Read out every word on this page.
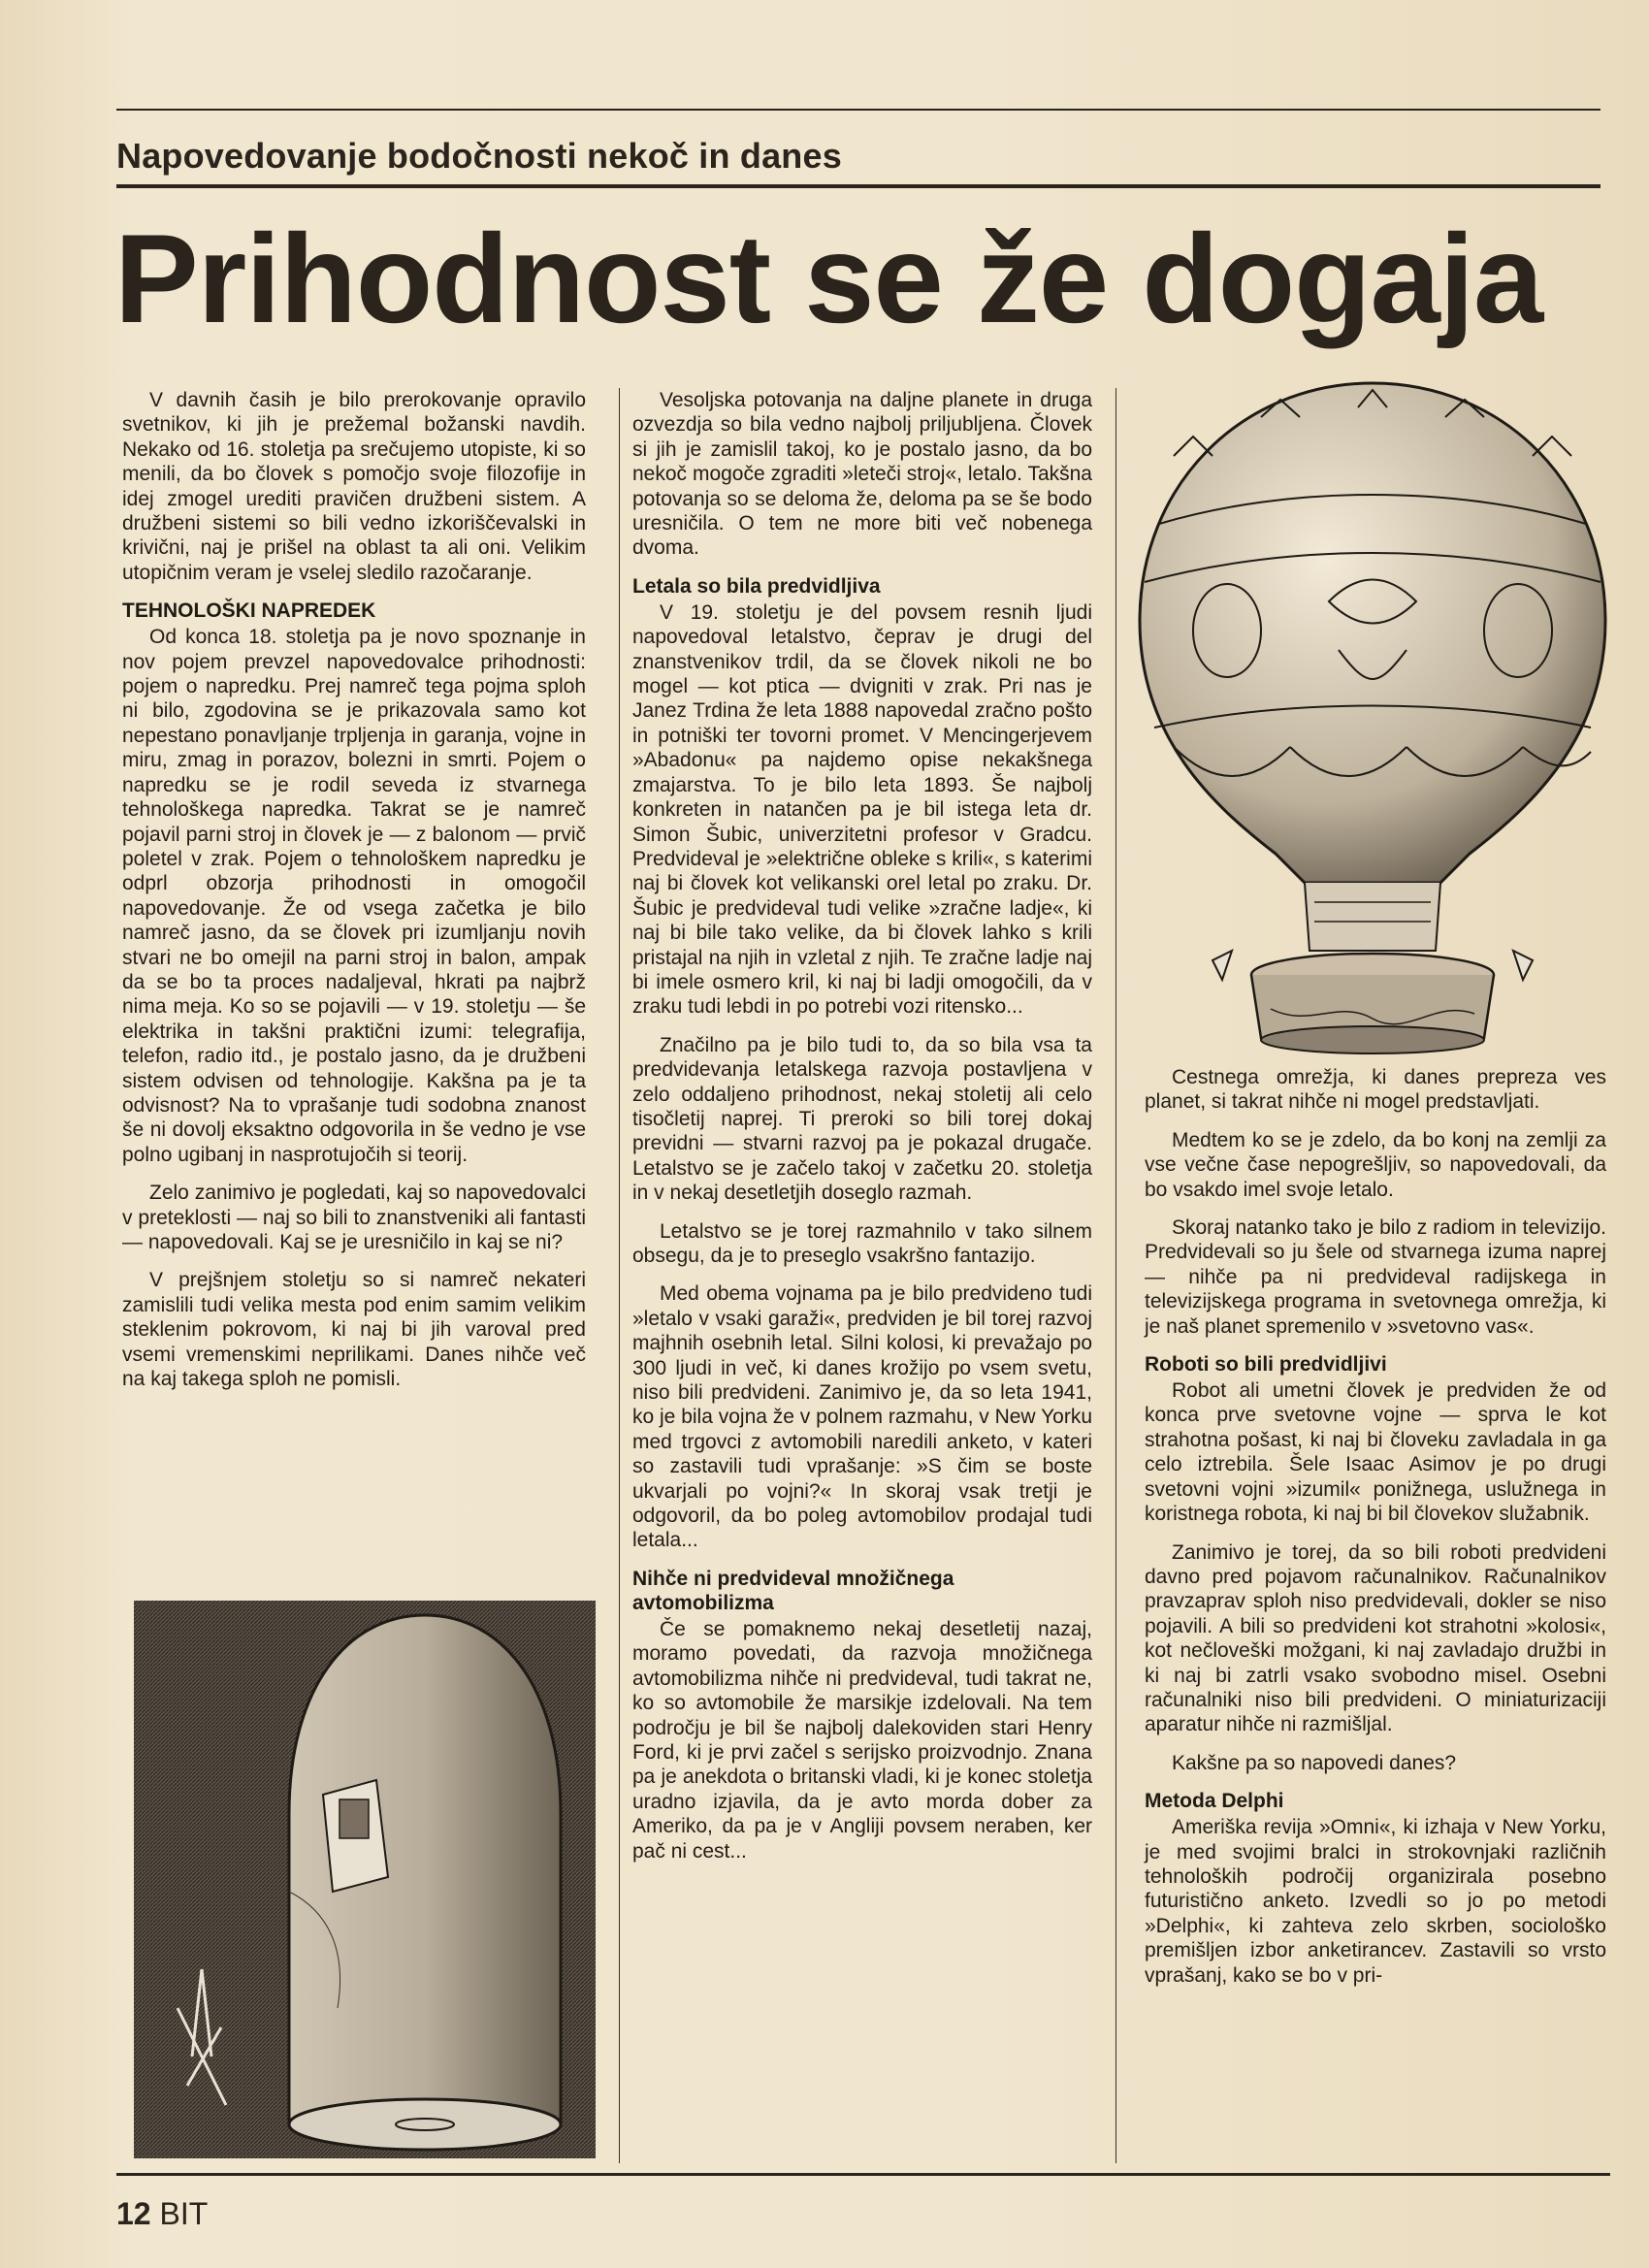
Napovedovanje bodočnosti nekoč in danes
Prihodnost se že dogaja

V davnih časih je bilo prerokovanje opravilo svetnikov, ki jih je prežemal božanski navdih. Nekako od 16. stoletja pa srečujemo utopiste, ki so menili, da bo človek s pomočjo svoje filozofije in idej zmogel urediti pravičen družbeni sistem. A družbeni sistemi so bili vedno izkoriščevalski in krivični, naj je prišel na oblast ta ali oni. Velikim utopičnim veram je vselej sledilo razočaranje.

TEHNOLOŠKI NAPREDEK

Od konca 18. stoletja pa je novo spoznanje in nov pojem prevzel napovedovalce prihodnosti: pojem o napredku. Prej namreč tega pojma sploh ni bilo, zgodovina se je prikazovala samo kot nepestano ponavljanje trpljenja in garanja, vojne in miru, zmag in porazov, bolezni in smrti. Pojem o napredku se je rodil seveda iz stvarnega tehnološkega napredka. Takrat se je namreč pojavil parni stroj in človek je — z balonom — prvič poletel v zrak. Pojem o tehnološkem napredku je odprl obzorja prihodnosti in omogočil napovedovanje. Že od vsega začetka je bilo namreč jasno, da se človek pri izumljanju novih stvari ne bo omejil na parni stroj in balon, ampak da se bo ta proces nadaljeval, hkrati pa najbrž nima meja. Ko so se pojavili — v 19. stoletju — še elektrika in takšni praktični izumi: telegrafija, telefon, radio itd., je postalo jasno, da je družbeni sistem odvisen od tehnologije. Kakšna pa je ta odvisnost? Na to vprašanje tudi sodobna znanost še ni dovolj eksaktno odgovorila in še vedno je vse polno ugibanj in nasprotujočih si teorij.

Zelo zanimivo je pogledati, kaj so napovedovalci v preteklosti — naj so bili to znanstveniki ali fantasti — napovedovali. Kaj se je uresničilo in kaj se ni?

V prejšnjem stoletju so si namreč nekateri zamislili tudi velika mesta pod enim samim velikim steklenim pokrovom, ki naj bi jih varoval pred vsemi vremenskimi neprilikami. Danes nihče več na kaj takega sploh ne pomisli.

Vesoljska potovanja na daljne planete in druga ozvezdja so bila vedno najbolj priljubljena. Človek si jih je zamislil takoj, ko je postalo jasno, da bo nekoč mogoče zgraditi »leteči stroj«, letalo. Takšna potovanja so se deloma že, deloma pa se še bodo uresničila. O tem ne more biti več nobenega dvoma.

Letala so bila predvidljiva

V 19. stoletju je del povsem resnih ljudi napovedoval letalstvo, čeprav je drugi del znanstvenikov trdil, da se človek nikoli ne bo mogel — kot ptica — dvigniti v zrak. Pri nas je Janez Trdina že leta 1888 napovedal zračno pošto in potniški ter tovorni promet. V Mencingerjevem »Abadonu« pa najdemo opise nekakšnega zmajarstva. To je bilo leta 1893. Še najbolj konkreten in natančen pa je bil istega leta dr. Simon Šubic, univerzitetni profesor v Gradcu. Predvideval je »električne obleke s krili«, s katerimi naj bi človek kot velikanski orel letal po zraku. Dr. Šubic je predvideval tudi velike »zračne ladje«, ki naj bi bile tako velike, da bi človek lahko s krili pristajal na njih in vzletal z njih. Te zračne ladje naj bi imele osmero kril, ki naj bi ladji omogočili, da v zraku tudi lebdi in po potrebi vozi ritensko...

Značilno pa je bilo tudi to, da so bila vsa ta predvidevanja letalskega razvoja postavljena v zelo oddaljeno prihodnost, nekaj stoletij ali celo tisočletij naprej. Ti preroki so bili torej dokaj previdni — stvarni razvoj pa je pokazal drugače. Letalstvo se je začelo takoj v začetku 20. stoletja in v nekaj desetletjih doseglo razmah.

Letalstvo se je torej razmahnilo v tako silnem obsegu, da je to preseglo vsakršno fantazijo.

Med obema vojnama pa je bilo predvideno tudi »letalo v vsaki garaži«, predviden je bil torej razvoj majhnih osebnih letal. Silni kolosi, ki prevažajo po 300 ljudi in več, ki danes krožijo po vsem svetu, niso bili predvideni. Zanimivo je, da so leta 1941, ko je bila vojna že v polnem razmahu, v New Yorku med trgovci z avtomobili naredili anketo, v kateri so zastavili tudi vprašanje: »S čim se boste ukvarjali po vojni?« In skoraj vsak tretji je odgovoril, da bo poleg avtomobilov prodajal tudi letala...

Nihče ni predvideval množičnega avtomobilizma

Če se pomaknemo nekaj desetletij nazaj, moramo povedati, da razvoja množičnega avtomobilizma nihče ni predvideval, tudi takrat ne, ko so avtomobile že marsikje izdelovali. Na tem področju je bil še najbolj dalekoviden stari Henry Ford, ki je prvi začel s serijsko proizvodnjo. Znana pa je anekdota o britanski vladi, ki je konec stoletja uradno izjavila, da je avto morda dober za Ameriko, da pa je v Angliji povsem neraben, ker pač ni cest...

Cestnega omrežja, ki danes prepreza ves planet, si takrat nihče ni mogel predstavljati.

Medtem ko se je zdelo, da bo konj na zemlji za vse večne čase nepogrešljiv, so napovedovali, da bo vsakdo imel svoje letalo.

Skoraj natanko tako je bilo z radiom in televizijo. Predvidevali so ju šele od stvarnega izuma naprej — nihče pa ni predvideval radijskega in televizijskega programa in svetovnega omrežja, ki je naš planet spremenilo v »svetovno vas«.

Roboti so bili predvidljivi

Robot ali umetni človek je predviden že od konca prve svetovne vojne — sprva le kot strahotna pošast, ki naj bi človeku zavladala in ga celo iztrebila. Šele Isaac Asimov je po drugi svetovni vojni »izumil« ponižnega, uslužnega in koristnega robota, ki naj bi bil človekov služabnik.

Zanimivo je torej, da so bili roboti predvideni davno pred pojavom računalnikov. Računalnikov pravzaprav sploh niso predvidevali, dokler se niso pojavili. A bili so predvideni kot strahotni »kolosi«, kot nečloveški možgani, ki naj zavladajo družbi in ki naj bi zatrli vsako svobodno misel. Osebni računalniki niso bili predvideni. O miniaturizaciji aparatur nihče ni razmišljal.

Kakšne pa so napovedi danes?

Metoda Delphi

Ameriška revija »Omni«, ki izhaja v New Yorku, je med svojimi bralci in strokovnjaki različnih tehnoloških področij organizirala posebno futuristično anketo. Izvedli so jo po metodi »Delphi«, ki zahteva zelo skrben, sociološko premišljen izbor anketirancev. Zastavili so vrsto vprašanj, kako se bo v pri-

12 BIT
